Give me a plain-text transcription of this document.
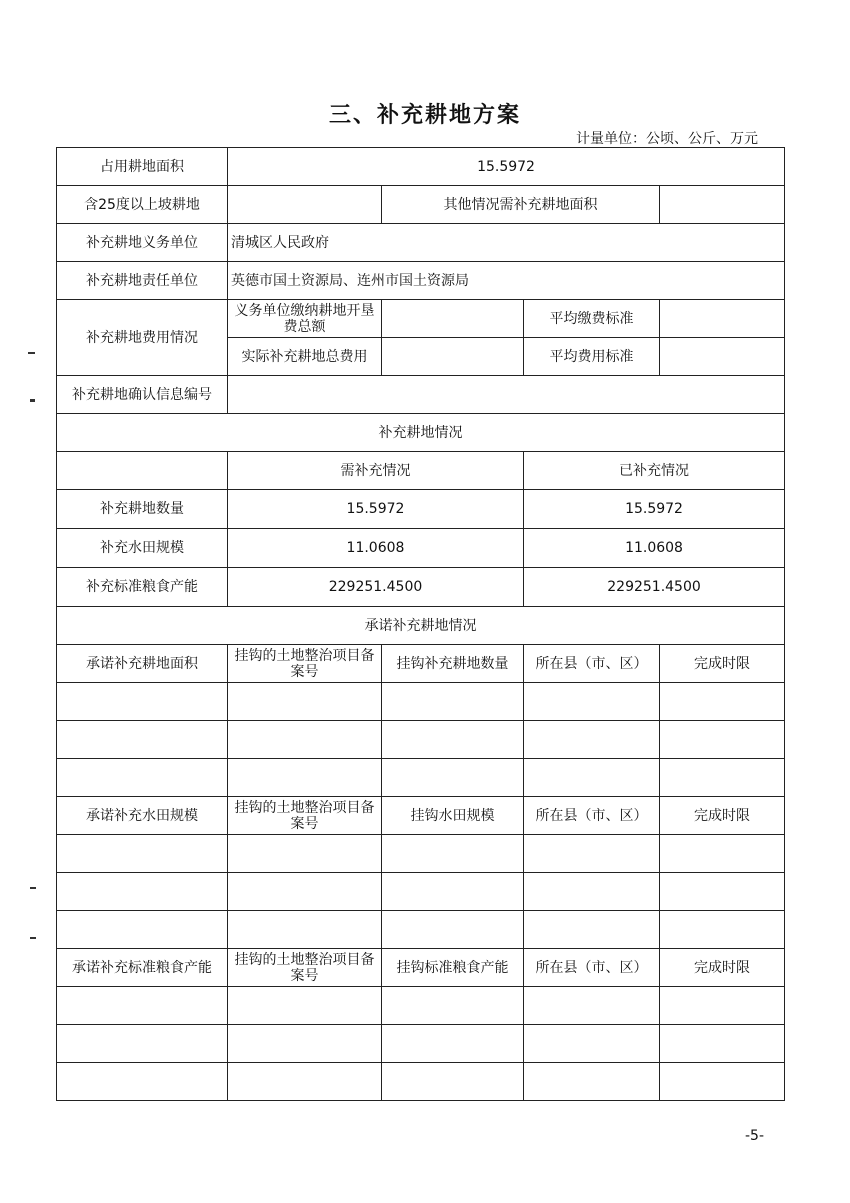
三、补充耕地方案
计量单位：公顷、公斤、万元
占用耕地面积	15.5972			
含25度以上坡耕地		其他情况需补充耕地面积		
补充耕地义务单位	清城区人民政府			
补充耕地责任单位	英德市国土资源局、连州市国土资源局			
补充耕地费用情况	义务单位缴纳耕地开垦费总额		平均缴费标准	
	实际补充耕地总费用		平均费用标准	
补充耕地确认信息编号				
补充耕地情况				
	需补充情况		已补充情况	
补充耕地数量	15.5972		15.5972	
补充水田规模	11.0608		11.0608	
补充标准粮食产能	229251.4500		229251.4500	
承诺补充耕地情况				
承诺补充耕地面积	挂钩的土地整治项目备案号	挂钩补充耕地数量	所在县（市、区）	完成时限

承诺补充水田规模	挂钩的土地整治项目备案号	挂钩水田规模	所在县（市、区）	完成时限

承诺补充标准粮食产能	挂钩的土地整治项目备案号	挂钩标准粮食产能	所在县（市、区）	完成时限

-5-
